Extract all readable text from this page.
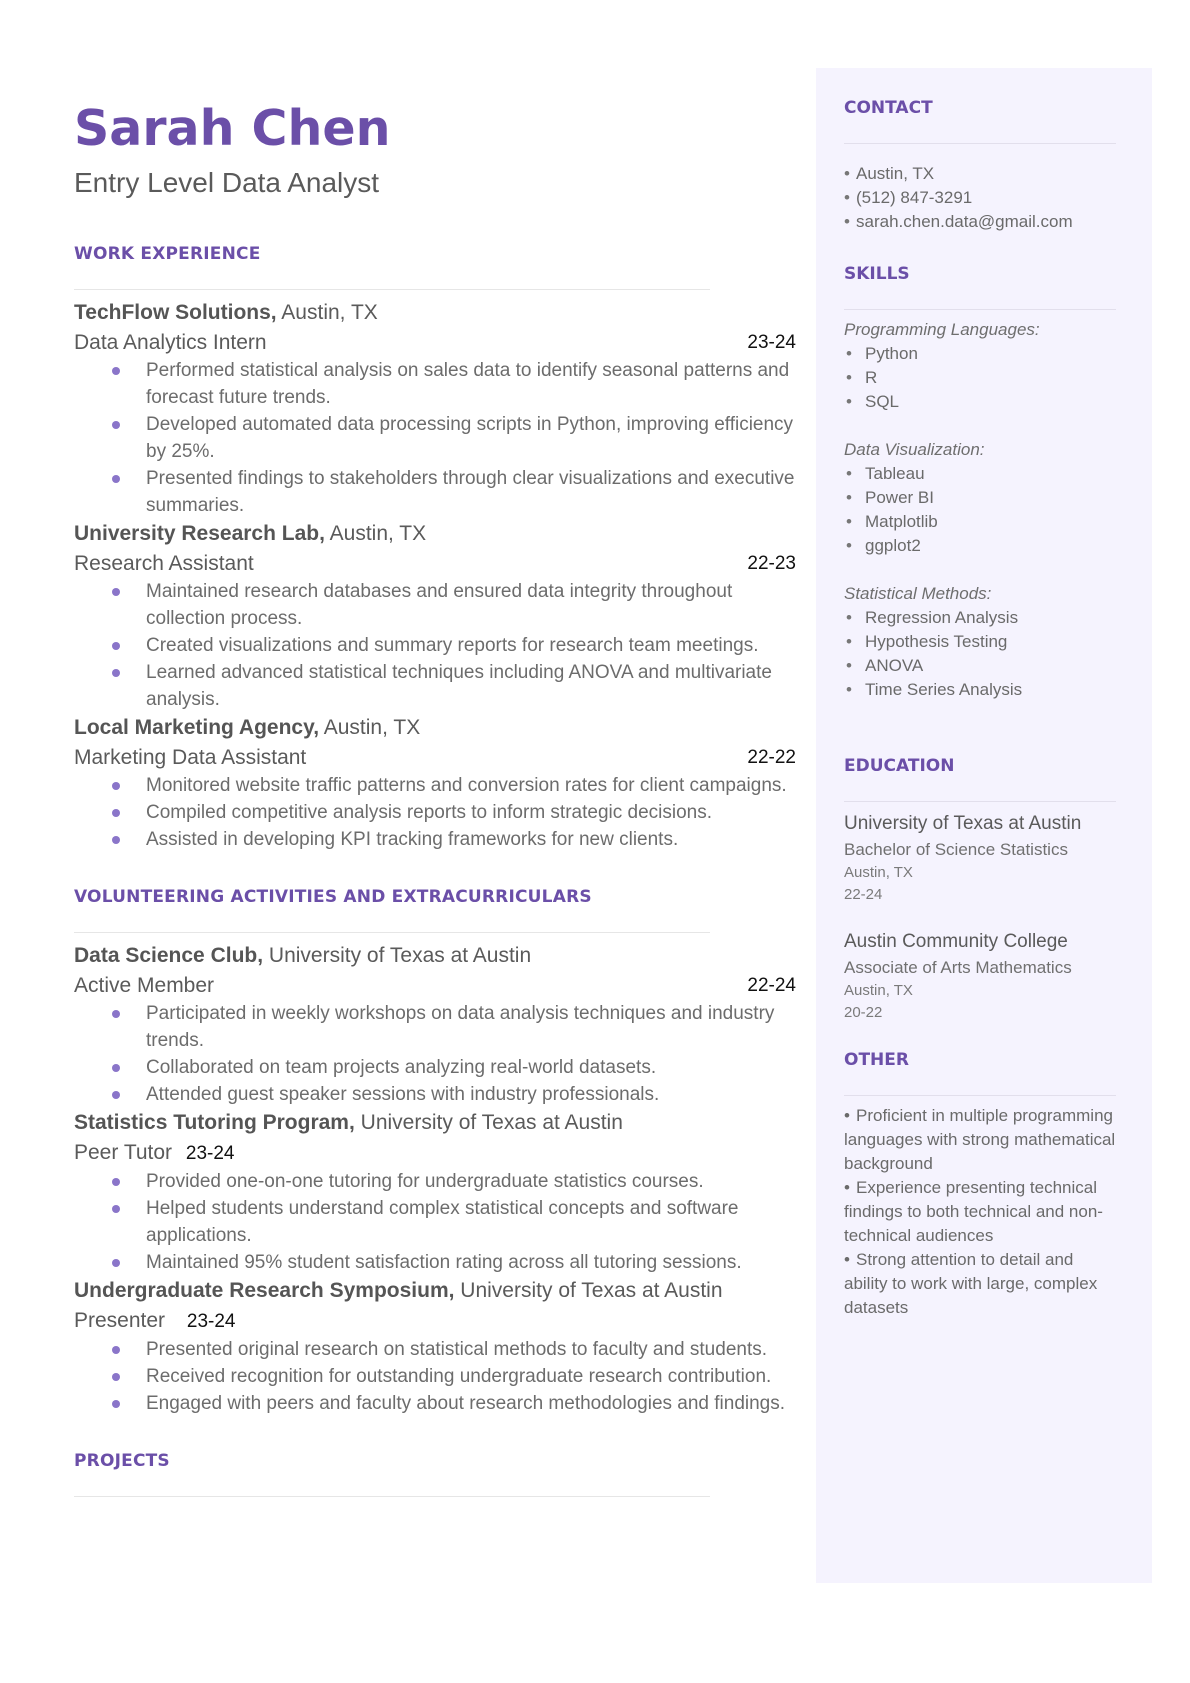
Sarah Chen
Entry Level Data Analyst
WORK EXPERIENCE
TechFlow Solutions, Austin, TX
Data Analytics Intern	23-24
Performed statistical analysis on sales data to identify seasonal patterns and forecast future trends.
Developed automated data processing scripts in Python, improving efficiency by 25%.
Presented findings to stakeholders through clear visualizations and executive summaries.
University Research Lab, Austin, TX
Research Assistant	22-23
Maintained research databases and ensured data integrity throughout collection process.
Created visualizations and summary reports for research team meetings.
Learned advanced statistical techniques including ANOVA and multivariate analysis.
Local Marketing Agency, Austin, TX
Marketing Data Assistant	22-22
Monitored website traffic patterns and conversion rates for client campaigns.
Compiled competitive analysis reports to inform strategic decisions.
Assisted in developing KPI tracking frameworks for new clients.
VOLUNTEERING ACTIVITIES AND EXTRACURRICULARS
Data Science Club, University of Texas at Austin
Active Member	22-24
Participated in weekly workshops on data analysis techniques and industry trends.
Collaborated on team projects analyzing real-world datasets.
Attended guest speaker sessions with industry professionals.
Statistics Tutoring Program, University of Texas at Austin
Peer Tutor 23-24
Provided one-on-one tutoring for undergraduate statistics courses.
Helped students understand complex statistical concepts and software applications.
Maintained 95% student satisfaction rating across all tutoring sessions.
Undergraduate Research Symposium, University of Texas at Austin
Presenter 23-24
Presented original research on statistical methods to faculty and students.
Received recognition for outstanding undergraduate research contribution.
Engaged with peers and faculty about research methodologies and findings.
PROJECTS
CONTACT
• Austin, TX
• (512) 847-3291
• sarah.chen.data@gmail.com
SKILLS
Programming Languages:
• Python
• R
• SQL
Data Visualization:
• Tableau
• Power BI
• Matplotlib
• ggplot2
Statistical Methods:
• Regression Analysis
• Hypothesis Testing
• ANOVA
• Time Series Analysis
EDUCATION
University of Texas at Austin
Bachelor of Science Statistics
Austin, TX
22-24
Austin Community College
Associate of Arts Mathematics
Austin, TX
20-22
OTHER
• Proficient in multiple programming languages with strong mathematical background
• Experience presenting technical findings to both technical and non-technical audiences
• Strong attention to detail and ability to work with large, complex datasets
